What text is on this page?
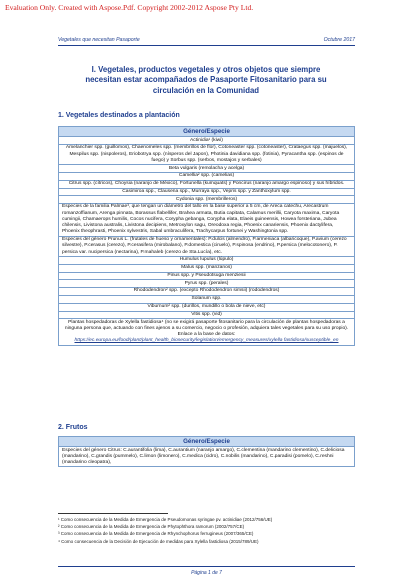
Evaluation Only. Created with Aspose.Pdf. Copyright 2002-2012 Aspose Pty Ltd.
Vegetales que necesitan Pasaporte	Octubre 2017
I. Vegetales, productos vegetales y otros objetos que siempre necesitan estar acompañados de Pasaporte Fitosanitario para su circulación en la Comunidad
1. Vegetales destinados a plantación
Género/Especie
Actinidia¹ (kiwi)
Amelanchier spp. (guillomos), Chaenomeles spp. (membrillos de flor), Cotoneaster spp. (cotoneaster), Crataegus spp. (majuelos), Mespilus spp. (nispoleros), Eriobotrya spp. (nísperos del Japon), Photinia davidiana spp. (fotinia), Pyracantha spp. (espinos de fuego) y Sorbus spp. (serbos, mostajos y serbales)
Beta vulgaris (remolacha y acelga)
Camellia² spp. (camelias)
Citrus spp. (cítricos), Choysia (naranjo de México), Fortunella (kumquats) y Poncirus (naranjo amargo espinoso) y sus híbridos.
Casimiroa spp., Clausena spp., Murraya spp., Vepris spp. y Zanthoxylum spp.
Cydonia spp. (membrilleros)
Especies de la familia Palmae³, que tengan un diámetro del tallo en la base superior a 5 cm, de Areca catechu, Arecastrum romanzoffianum, Arenga pinnata, Borassus flabellifer, Brahea armata, Butia capitata, Calamus merillii, Caryota maxima, Caryota cumingii, Chamaerops humilis, Cocos nucifera, Corypha gebanga, Corypha elata, Elaeis guineensis, Howea forsteriana, Jubea chilensis, Livistona australis, Livistona decipiens, Metroxylon sagu, Oreodoxa regia, Phoenix canariensis, Phoenix dactylifera, Phoenix theophrasti, Phoenix sylvestris, Sabal umbraculifera, Trachycarpus fortunei y Washingtonia spp.
Especies del género Prunus L. (frutales de hueso y ornamentales): P.dulcis (almendro), P.armeniaca (albaricoque), P.avium (cerezo silvestre), P.cerasus (cerezo), P.cerasifera (mirobalano), P.domestica (ciruelo), P.spinosa (endrino), P.persica (melocotonero), P. persica var. nucipersica (nectarina), P.mahaleb (cerezo de Sta.Lucía), etc.
Humulus lupulus (lúpulo)
Malus spp. (manzanos)
Pinus spp. y Pseudotsuga menziesii
Pyrus spp. (perales)
Rhododendron² spp. (excepto Rhododendron simsii) (rododendros)
Solanum spp.
Viburnum² spp. (durillos, mundillo o bola de nieve, etc)
Vitis spp. (vid)
Plantas hospedadoras de Xylella fastidiosa⁴ (no se exigirá pasaporte fitosanitario para la circulación de plantas hospedadoras a ninguna persona que, actuando con fines ajenos a su comercio, negocio o profesión, adquiera tales vegetales para su uso propio). Enlace a la base de datos:
https://ec.europa.eu/food/plant/plant_health_biosecurity/legislation/emergency_measures/xylella fastidiosa/susceptible_en
2. Frutos
Género/Especie
Especies del género Citrus: C.aurantifolia (lima), C.aurantium (naranjo amargo), C.clementina (mandarino clementino), C.deliciosa (mandarino), C.grandis (pummelo), C.limon (limonero), C.medica (cidro), C.nobilis (mandarino), C.paradisi (pomelo), C.reshni (mandarino cleopatra),
¹ Como consecuencia de la Medida de Emergencia de Pseudomonas syringae pv. actinidiae (2012/756/UE)
² Como consecuencia de la Medida de Emergencia de Phytophthora ramorum (2002/757/CE)
³ Como consecuencia de la Medida de Emergencia de Rhynchophorus ferrugineus (2007/365/CE)
⁴ Como consecuencia de la Decisión de Ejecución de medidas para Xylella fastidiosa (2015/789/UE)
Página 1 de 7
